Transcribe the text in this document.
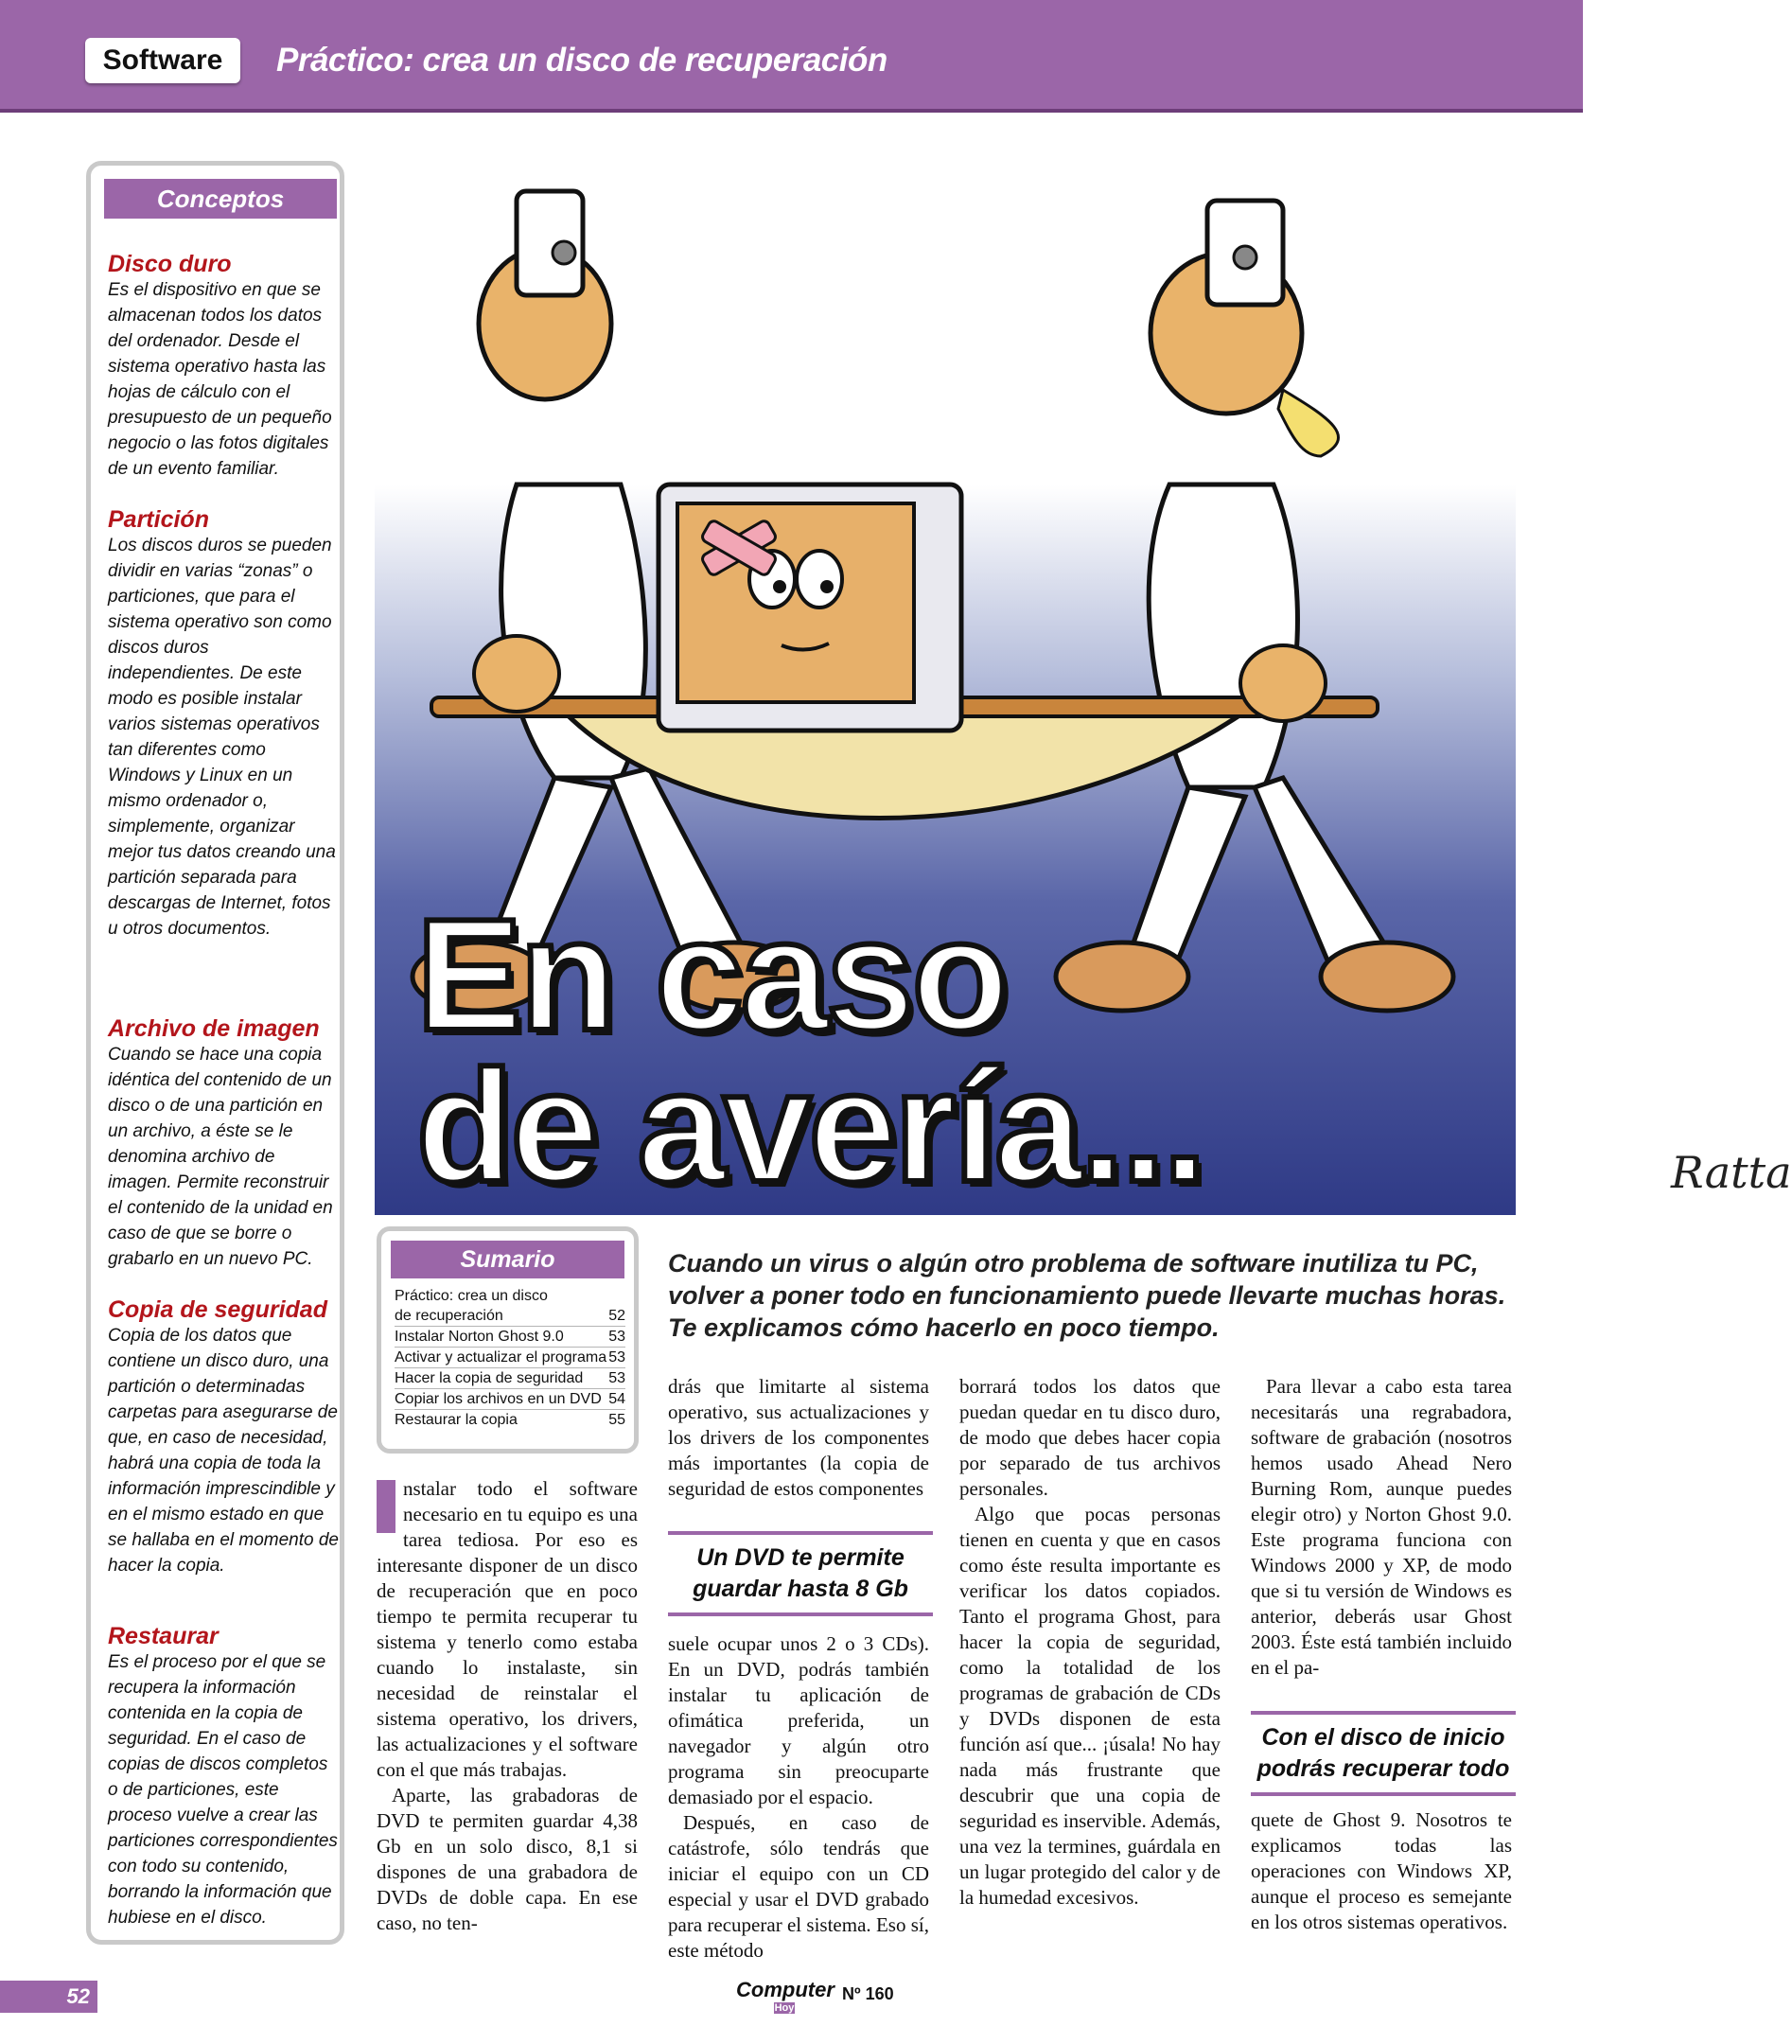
Software	Práctico: crea un disco de recuperación
Conceptos
Disco duro

Es el dispositivo en que se almacenan todos los datos del ordenador. Desde el sistema operativo hasta las hojas de cálculo con el presupuesto de un pequeño negocio o las fotos digitales de un evento familiar.

Partición

Los discos duros se pueden dividir en varias “zonas” o particiones, que para el sistema operativo son como discos duros independientes. De este modo es posible instalar varios sistemas operativos tan diferentes como Windows y Linux en un mismo ordenador o, simplemente, organizar mejor tus datos creando una partición separada para descargas de Internet, fotos u otros documentos.

Archivo de imagen

Cuando se hace una copia idéntica del contenido de un disco o de una partición en un archivo, a éste se le denomina archivo de imagen. Permite reconstruir el contenido de la unidad en caso de que se borre o grabarlo en un nuevo PC.

Copia de seguridad

Copia de los datos que contiene un disco duro, una partición o determinadas carpetas para asegurarse de que, en caso de necesidad, habrá una copia de toda la información imprescindible y en el mismo estado en que se hallaba en el momento de hacer la copia.

Restaurar

Es el proceso por el que se recupera la información contenida en la copia de seguridad. En el caso de copias de discos completos o de particiones, este proceso vuelve a crear las particiones correspondientes con todo su contenido, borrando la información que hubiese en el disco.

Ratta
En caso
de avería...
Sumario
Práctico: crea un disco
de recuperación	52
Instalar Norton Ghost 9.0	53
Activar y actualizar el programa 53
Hacer la copia de seguridad 53
Copiar los archivos en un DVD 54
Restaurar la copia	55
Cuando un virus o algún otro problema de software inutiliza tu PC, volver a poner todo en funcionamiento puede llevarte muchas horas. Te explicamos cómo hacerlo en poco tiempo.

nstalar todo el software necesario en tu equipo es una tarea tediosa. Por eso es interesante disponer de un disco de recuperación que en poco tiempo te permita recuperar tu sistema y tenerlo como estaba cuando lo instalaste, sin necesidad de reinstalar el sistema operativo, los drivers, las actualizaciones y el software con el que más trabajas.

Aparte, las grabadoras de DVD te permiten guardar 4,38 Gb en un solo disco, 8,1 si dispones de una grabadora de DVDs de doble capa. En ese caso, no ten-

drás que limitarte al sistema operativo, sus actualizaciones y los drivers de los componentes más importantes (la copia de seguridad de estos componentes

Un DVD te permite guardar hasta 8 Gb

suele ocupar unos 2 o 3 CDs). En un DVD, podrás también instalar tu aplicación de ofimática preferida, un navegador y algún otro programa sin preocuparte demasiado por el espacio.

Después, en caso de catástrofe, sólo tendrás que iniciar el equipo con un CD especial y usar el DVD grabado para recuperar el sistema. Eso sí, este método

borrará todos los datos que puedan quedar en tu disco duro, de modo que debes hacer copia por separado de tus archivos personales.

Algo que pocas personas tienen en cuenta y que en casos como éste resulta importante es verificar los datos copiados. Tanto el programa Ghost, para hacer la copia de seguridad, como la totalidad de los programas de grabación de CDs y DVDs disponen de esta función así que... ¡úsala! No hay nada más frustrante que descubrir que una copia de seguridad es inservible. Además, una vez la termines, guárdala en un lugar protegido del calor y de la humedad excesivos.

Para llevar a cabo esta tarea necesitarás una regrabadora, software de grabación (nosotros hemos usado Ahead Nero Burning Rom, aunque puedes elegir otro) y Norton Ghost 9.0. Este programa funciona con Windows 2000 y XP, de modo que si tu versión de Windows es anterior, deberás usar Ghost 2003. Éste está también incluido en el pa-

Con el disco de inicio podrás recuperar todo

quete de Ghost 9. Nosotros te explicamos todas las operaciones con Windows XP, aunque el proceso es semejante en los otros sistemas operativos.

52	Computer
Hoy
Nº 160
